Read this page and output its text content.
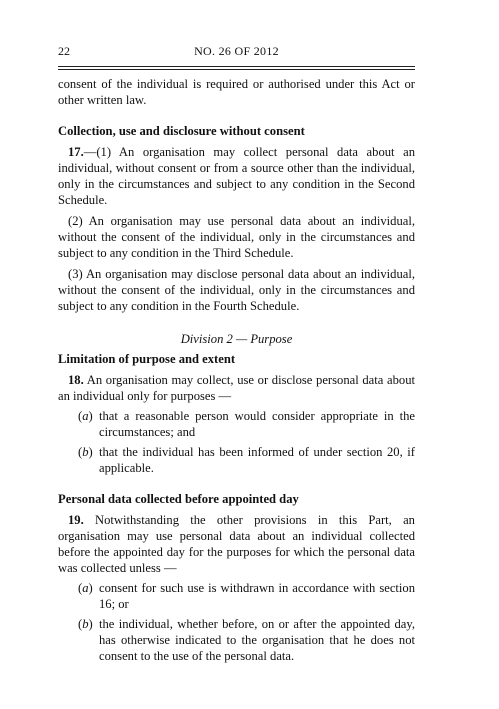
22	NO. 26 OF 2012

consent of the individual is required or authorised under this Act or other written law.

Collection, use and disclosure without consent

17.—(1) An organisation may collect personal data about an individual, without consent or from a source other than the individual, only in the circumstances and subject to any condition in the Second Schedule.

(2) An organisation may use personal data about an individual, without the consent of the individual, only in the circumstances and subject to any condition in the Third Schedule.

(3) An organisation may disclose personal data about an individual, without the consent of the individual, only in the circumstances and subject to any condition in the Fourth Schedule.

Division 2 — Purpose

Limitation of purpose and extent

18. An organisation may collect, use or disclose personal data about an individual only for purposes —

(a) that a reasonable person would consider appropriate in the circumstances; and

(b) that the individual has been informed of under section 20, if applicable.

Personal data collected before appointed day

19. Notwithstanding the other provisions in this Part, an organisation may use personal data about an individual collected before the appointed day for the purposes for which the personal data was collected unless —

(a) consent for such use is withdrawn in accordance with section 16; or

(b) the individual, whether before, on or after the appointed day, has otherwise indicated to the organisation that he does not consent to the use of the personal data.
